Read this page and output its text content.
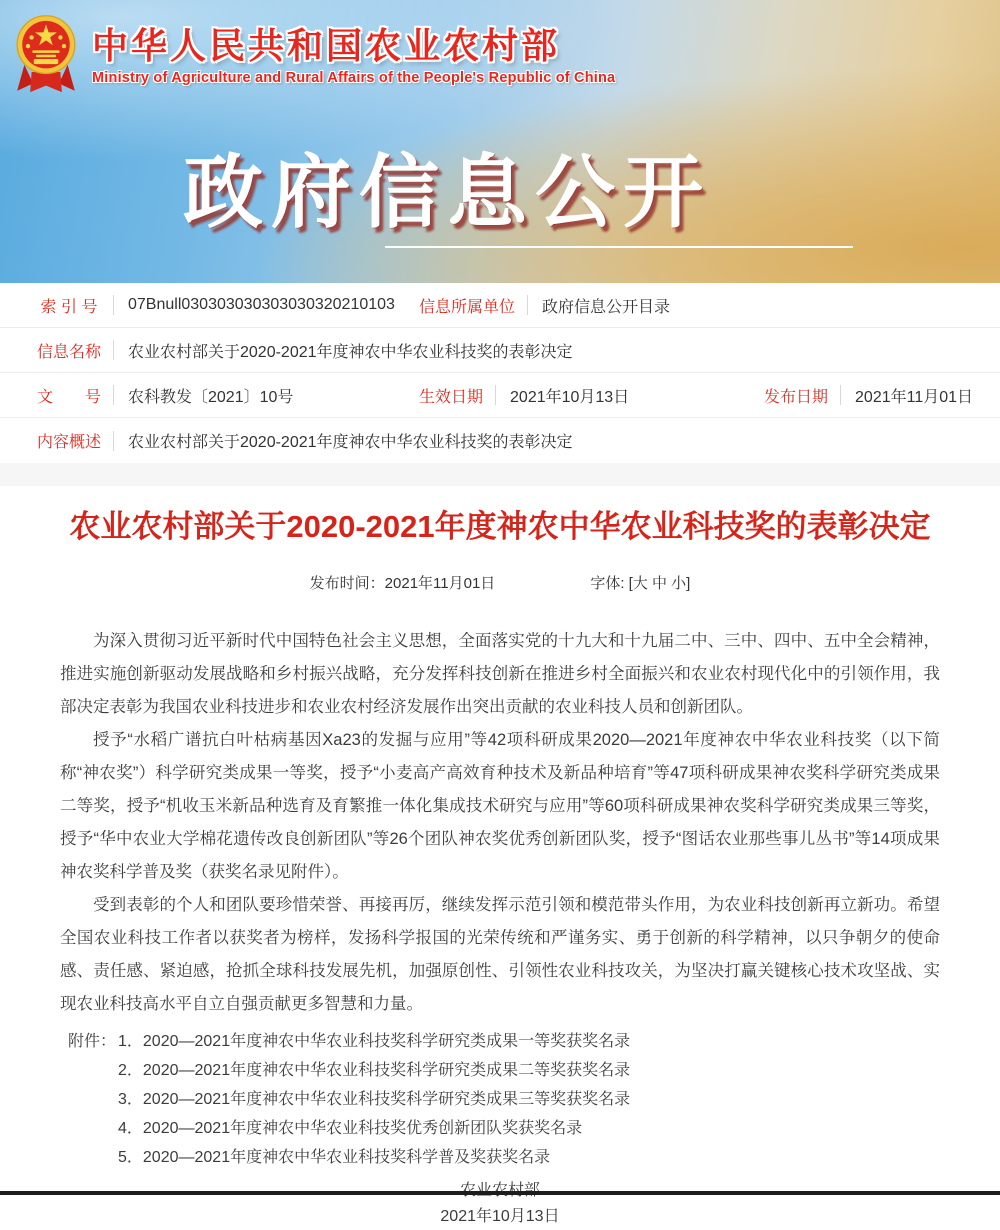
中华人民共和国农业农村部
Ministry of Agriculture and Rural Affairs of the People's Republic of China
政府信息公开
索 引 号	07Bnull030303030303030320210103	信息所属单位	政府信息公开目录
信息名称	农业农村部关于2020-2021年度神农中华农业科技奖的表彰决定
文　　号	农科教发〔2021〕10号	生效日期	2021年10月13日	发布日期	2021年11月01日
内容概述	农业农村部关于2020-2021年度神农中华农业科技奖的表彰决定
农业农村部关于2020-2021年度神农中华农业科技奖的表彰决定
发布时间：2021年11月01日	字体: [大 中 小]

为深入贯彻习近平新时代中国特色社会主义思想，全面落实党的十九大和十九届二中、三中、四中、五中全会精神，推进实施创新驱动发展战略和乡村振兴战略，充分发挥科技创新在推进乡村全面振兴和农业农村现代化中的引领作用，我部决定表彰为我国农业科技进步和农业农村经济发展作出突出贡献的农业科技人员和创新团队。

授予“水稻广谱抗白叶枯病基因Xa23的发掘与应用”等42项科研成果2020—2021年度神农中华农业科技奖（以下简称“神农奖”）科学研究类成果一等奖，授予“小麦高产高效育种技术及新品种培育”等47项科研成果神农奖科学研究类成果二等奖，授予“机收玉米新品种选育及育繁推一体化集成技术研究与应用”等60项科研成果神农奖科学研究类成果三等奖，授予“华中农业大学棉花遗传改良创新团队”等26个团队神农奖优秀创新团队奖，授予“图话农业那些事儿丛书”等14项成果神农奖科学普及奖（获奖名录见附件）。

受到表彰的个人和团队要珍惜荣誉、再接再厉，继续发挥示范引领和模范带头作用，为农业科技创新再立新功。希望全国农业科技工作者以获奖者为榜样，发扬科学报国的光荣传统和严谨务实、勇于创新的科学精神，以只争朝夕的使命感、责任感、紧迫感，抢抓全球科技发展先机，加强原创性、引领性农业科技攻关，为坚决打赢关键核心技术攻坚战、实现农业科技高水平自立自强贡献更多智慧和力量。

附件： 1．2020—2021年度神农中华农业科技奖科学研究类成果一等奖获奖名录
2．2020—2021年度神农中华农业科技奖科学研究类成果二等奖获奖名录
3．2020—2021年度神农中华农业科技奖科学研究类成果三等奖获奖名录
4．2020—2021年度神农中华农业科技奖优秀创新团队奖获奖名录
5．2020—2021年度神农中华农业科技奖科学普及奖获奖名录
2021年10月13日
